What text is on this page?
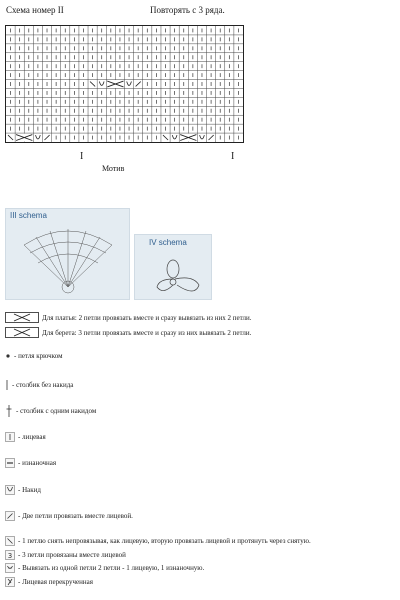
Схема номер II	Повторять с 3 ряда.
I	I
Мотив
III schema
IV schema
Для платья: 2 петли провязать вместе и сразу вывязать из них 2 петли.
Для берета: 3 петли провязать вместе и сразу из них вывязать 2 петли.
- петля крючком
- столбик без накида
- столбик с одним накидом
- лицевая
- изнаночная
- Накид
- Две петли провязать вместе лицевой.
- 1 петлю снять непровязывая, как лицевую, вторую провязать лицевой и протянуть через снятую.
3 - 3 петли провязаны вместе лицевой
- Вывязать из одной петли 2 петли - 1 лицевую, 1 изнаночную.
- Лицевая перекрученная
